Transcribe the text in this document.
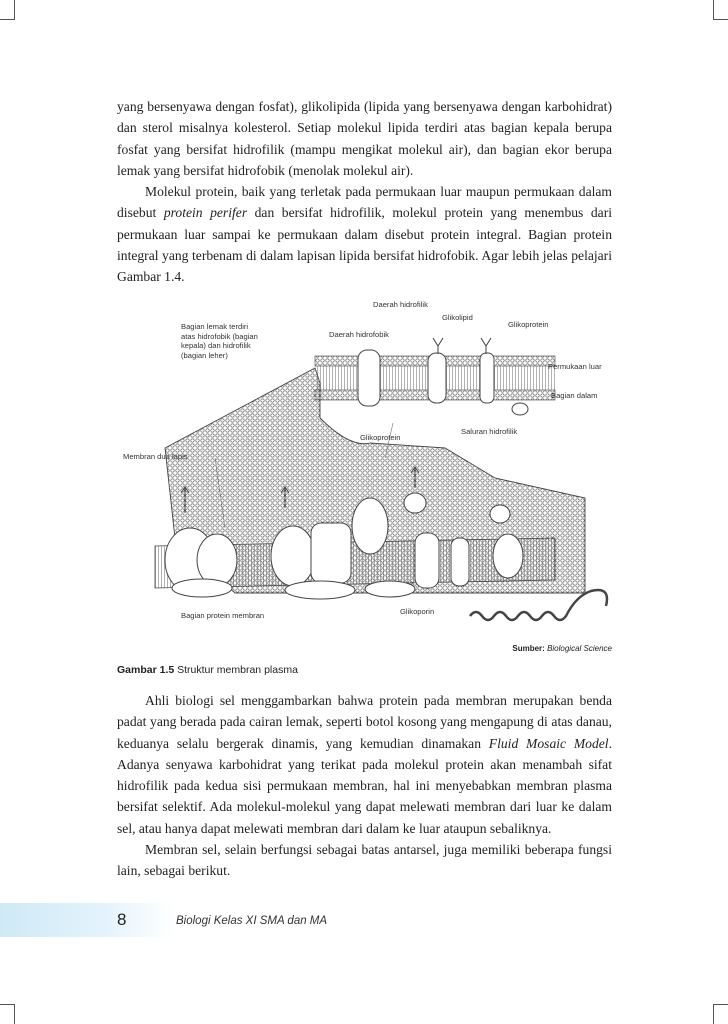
yang bersenyawa dengan fosfat), glikolipida (lipida yang bersenyawa dengan karbohidrat) dan sterol misalnya kolesterol. Setiap molekul lipida terdiri atas bagian kepala berupa fosfat yang bersifat hidrofilik (mampu mengikat molekul air), dan bagian ekor berupa lemak yang bersifat hidrofobik (menolak molekul air).

Molekul protein, baik yang terletak pada permukaan luar maupun permukaan dalam disebut protein perifer dan bersifat hidrofilik, molekul protein yang menembus dari permukaan luar sampai ke permukaan dalam disebut protein integral. Bagian protein integral yang terbenam di dalam lapisan lipida bersifat hidrofobik. Agar lebih jelas pelajari Gambar 1.4.

Daerah hidrofilik
Glikolipid
Glikoprotein
Bagian lemak terdiri
atas hidrofobik (bagian
kepala) dan hidrofilik
(bagian leher)
Daerah hidrofobik
Permukaan luar
Bagian dalam
Saluran hidrofilik
Glikoprotein
Membran dua lapis
Glikoporin
Bagian protein membran
Sumber: Biological Science
Gambar 1.5 Struktur membran plasma

Ahli biologi sel menggambarkan bahwa protein pada membran merupakan benda padat yang berada pada cairan lemak, seperti botol kosong yang mengapung di atas danau, keduanya selalu bergerak dinamis, yang kemudian dinamakan Fluid Mosaic Model. Adanya senyawa karbohidrat yang terikat pada molekul protein akan menambah sifat hidrofilik pada kedua sisi permukaan membran, hal ini menyebabkan membran plasma bersifat selektif. Ada molekul-molekul yang dapat melewati membran dari luar ke dalam sel, atau hanya dapat melewati membran dari dalam ke luar ataupun sebaliknya.

Membran sel, selain berfungsi sebagai batas antarsel, juga memiliki beberapa fungsi lain, sebagai berikut.

8	Biologi Kelas XI SMA dan MA
